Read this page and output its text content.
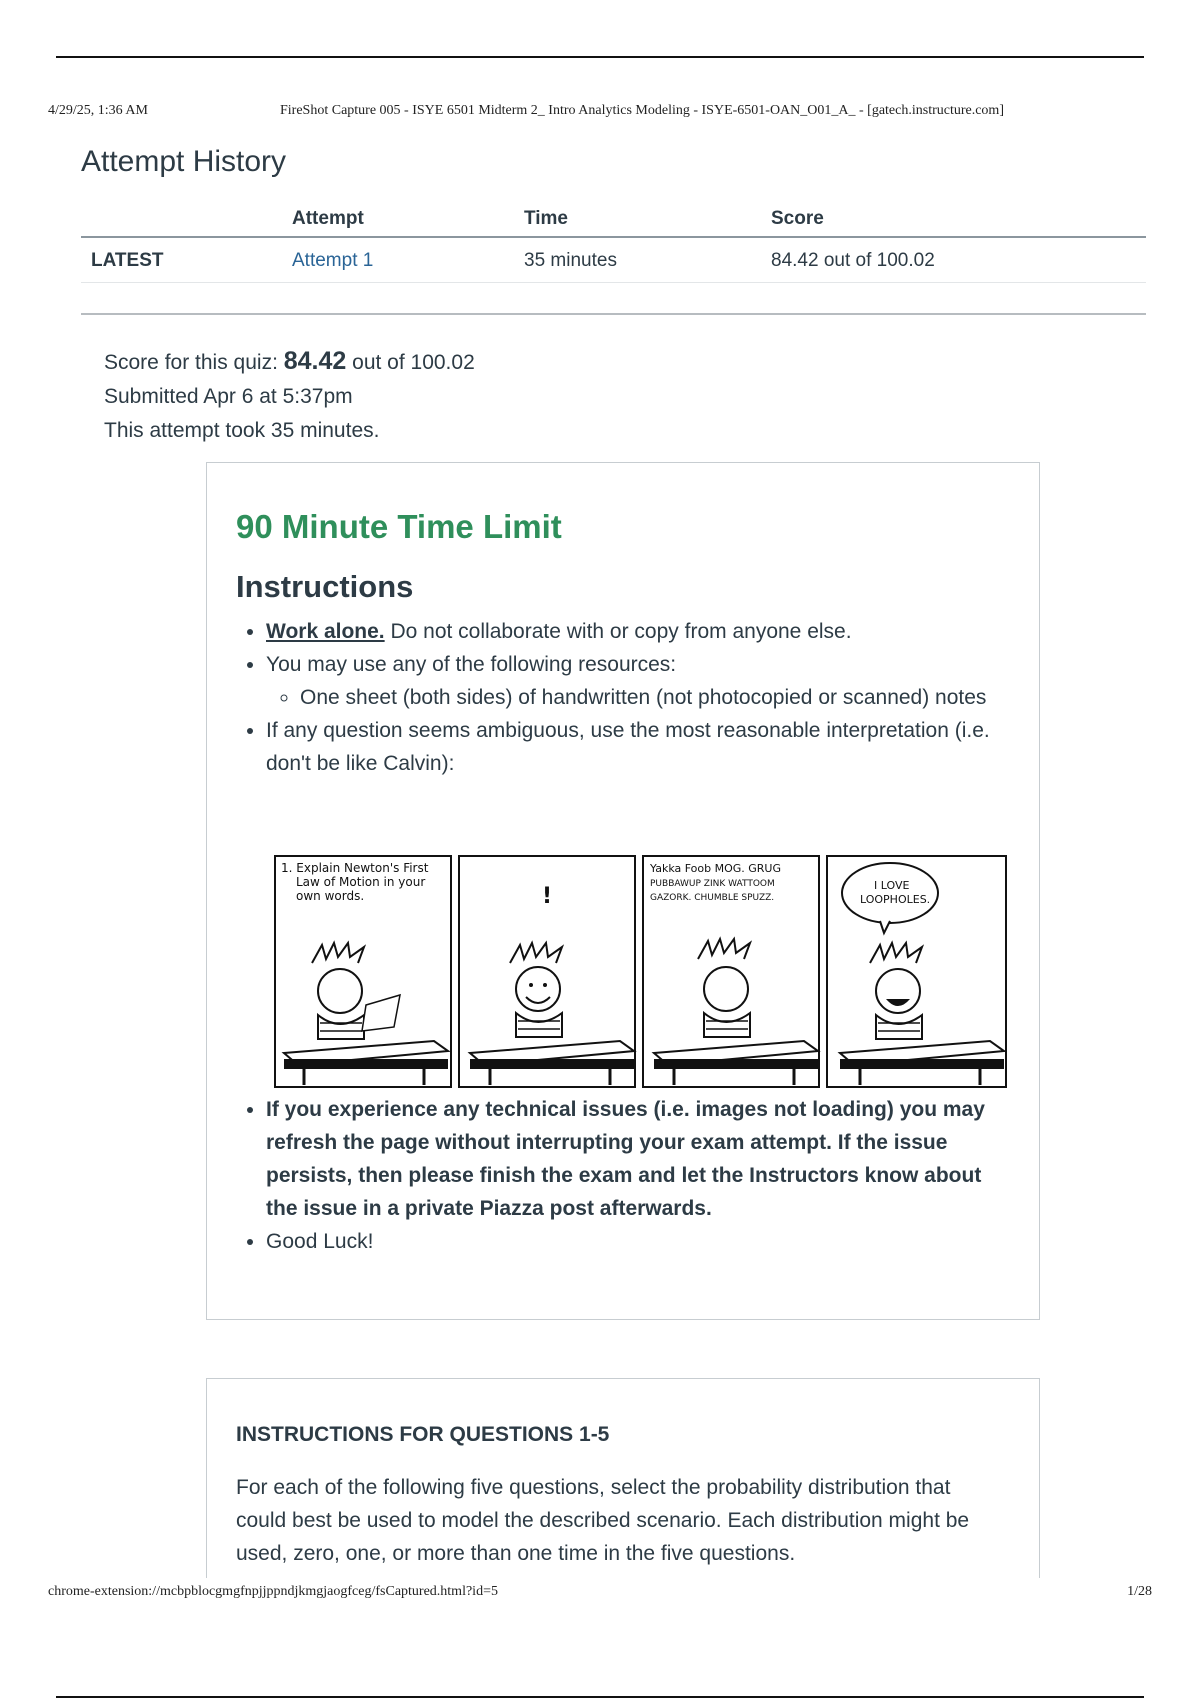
4/29/25, 1:36 AM	FireShot Capture 005 - ISYE 6501 Midterm 2_ Intro Analytics Modeling - ISYE-6501-OAN_O01_A_ - [gatech.instructure.com]
Attempt History
	Attempt	Time	Score
LATEST	Attempt 1	35 minutes	84.42 out of 100.02
Score for this quiz: 84.42 out of 100.02
Submitted Apr 6 at 5:37pm
This attempt took 35 minutes.
90 Minute Time Limit
Instructions
• Work alone. Do not collaborate with or copy from anyone else.
• You may use any of the following resources:
◦ One sheet (both sides) of handwritten (not photocopied or scanned) notes
• If any question seems ambiguous, use the most reasonable interpretation (i.e. don't be like Calvin):
1. Explain Newton's First
Law of Motion in your
own words.	!
Yakka Foob MOG. GRUG
PUBBAWUP ZINK WATTOOM
GAZORK. CHUMBLE SPUZZ.
I LOVE
LOOPHOLES.
• If you experience any technical issues (i.e. images not loading) you may refresh the page without interrupting your exam attempt. If the issue persists, then please finish the exam and let the Instructors know about the issue in a private Piazza post afterwards.
• Good Luck!
INSTRUCTIONS FOR QUESTIONS 1-5

For each of the following five questions, select the probability distribution that could best be used to model the described scenario. Each distribution might be used, zero, one, or more than one time in the five questions.

chrome-extension://mcbpblocgmgfnpjjppndjkmgjaogfceg/fsCaptured.html?id=5	1/28
